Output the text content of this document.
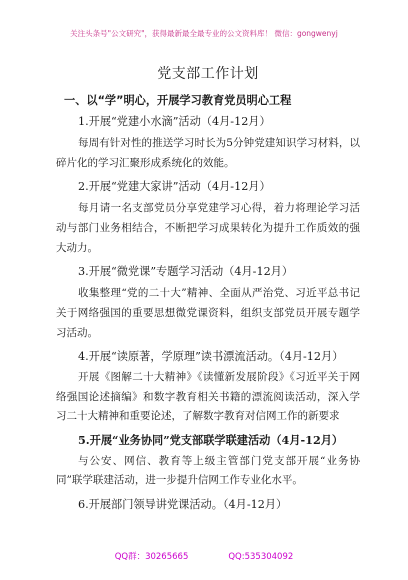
关注头条号"公文研究"，获得最新最全最专业的公文资料库！ 微信：gongwenyj
党支部工作计划
一、以“学”明心，开展学习教育党员明心工程
1.开展“党建小水滴”活动（4月-12月）
每周有针对性的推送学习时长为5分钟党建知识学习材料，以碎片化的学习汇聚形成系统化的效能。
2.开展“党建大家讲”活动（4月-12月）
每月请一名支部党员分享党建学习心得，着力将理论学习活动与部门业务相结合，不断把学习成果转化为提升工作质效的强大动力。
3.开展“微党课”专题学习活动（4月-12月）
收集整理“党的二十大”精神、全面从严治党、习近平总书记关于网络强国的重要思想微党课资料，组织支部党员开展专题学习活动。
4.开展“读原著，学原理”读书漂流活动。（4月-12月）
开展《图解二十大精神》《读懂新发展阶段》《习近平关于网络强国论述摘编》和数字教育相关书籍的漂流阅读活动，深入学习二十大精神和重要论述，了解数字教育对信网工作的新要求
5.开展“业务协同”党支部联学联建活动（4月-12月）
与公安、网信、教育等上级主管部门党支部开展“业务协同”联学联建活动，进一步提升信网工作专业化水平。
6.开展部门领导讲党课活动。（4月-12月）
QQ群：30265665	QQ:535304092
